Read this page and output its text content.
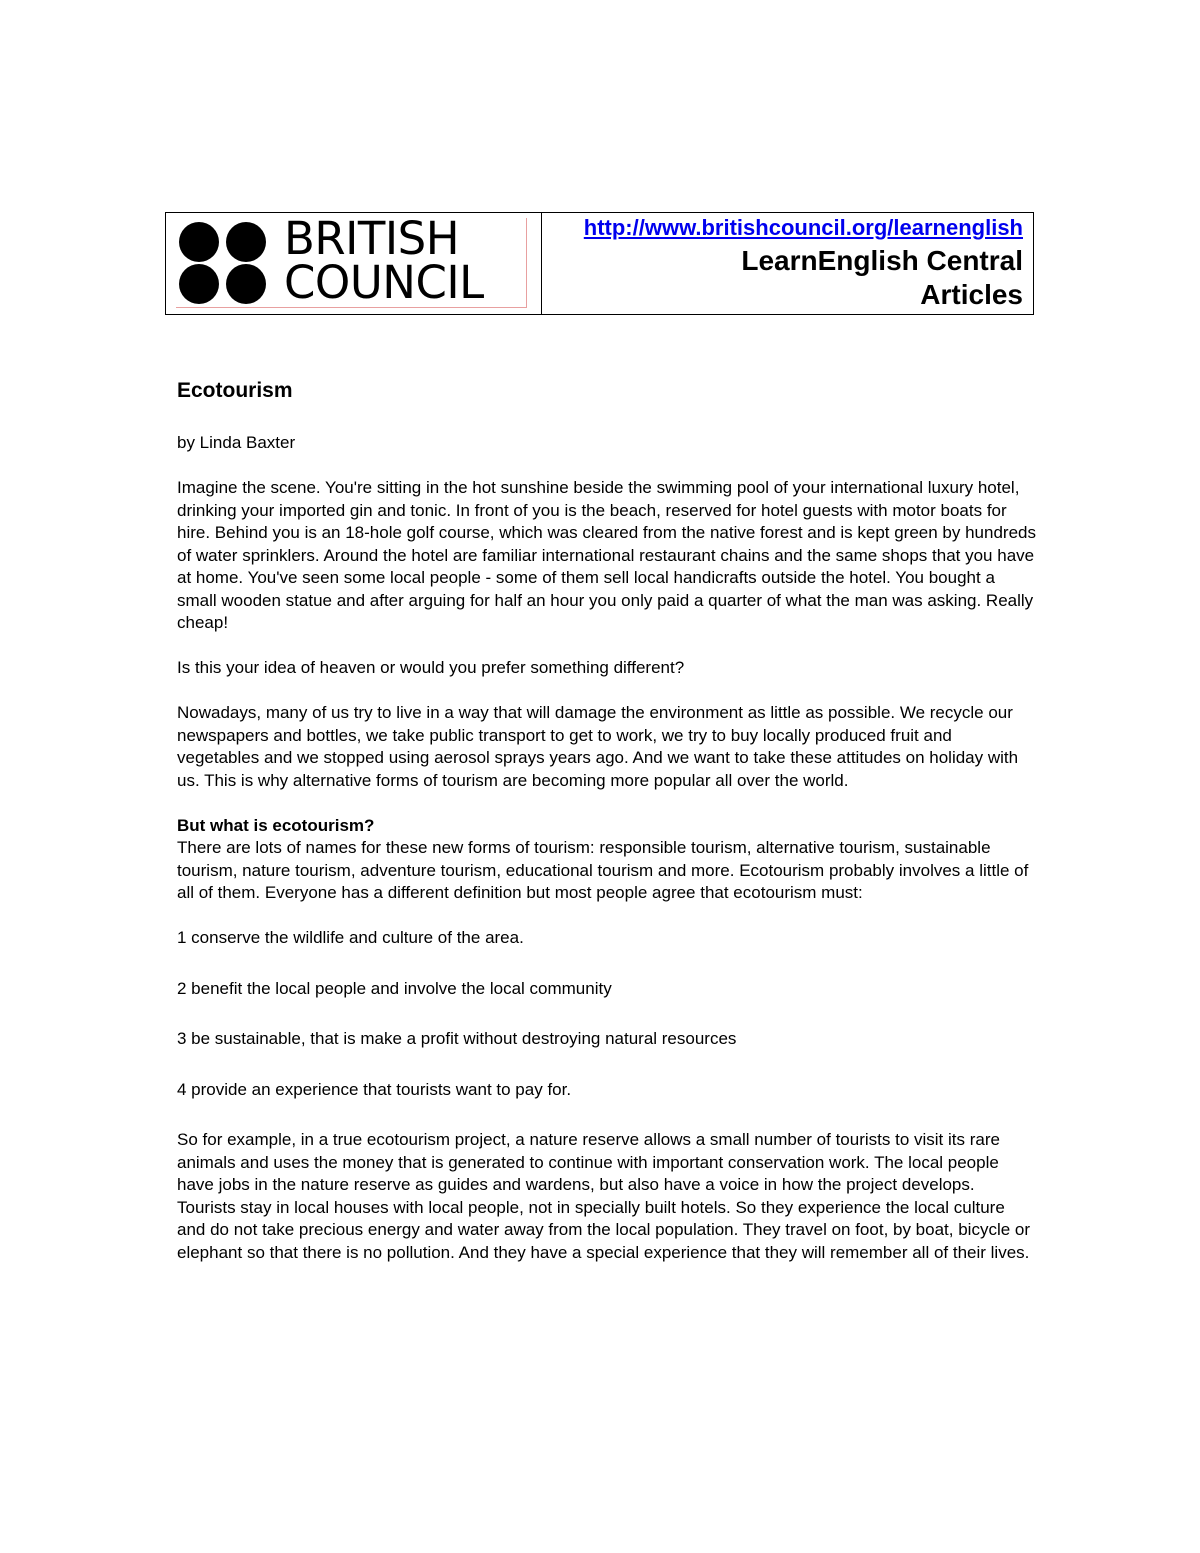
BRITISH
COUNCIL
http://www.britishcouncil.org/learnenglish
LearnEnglish Central
Articles
Ecotourism

by Linda Baxter

Imagine the scene. You're sitting in the hot sunshine beside the swimming pool of your international luxury hotel, drinking your imported gin and tonic. In front of you is the beach, reserved for hotel guests with motor boats for hire. Behind you is an 18-hole golf course, which was cleared from the native forest and is kept green by hundreds of water sprinklers. Around the hotel are familiar international restaurant chains and the same shops that you have at home. You've seen some local people - some of them sell local handicrafts outside the hotel. You bought a small wooden statue and after arguing for half an hour you only paid a quarter of what the man was asking. Really cheap!

Is this your idea of heaven or would you prefer something different?

Nowadays, many of us try to live in a way that will damage the environment as little as possible. We recycle our newspapers and bottles, we take public transport to get to work, we try to buy locally produced fruit and vegetables and we stopped using aerosol sprays years ago. And we want to take these attitudes on holiday with us. This is why alternative forms of tourism are becoming more popular all over the world.

But what is ecotourism?

There are lots of names for these new forms of tourism: responsible tourism, alternative tourism, sustainable tourism, nature tourism, adventure tourism, educational tourism and more. Ecotourism probably involves a little of all of them. Everyone has a different definition but most people agree that ecotourism must:

1 conserve the wildlife and culture of the area.
2 benefit the local people and involve the local community
3 be sustainable, that is make a profit without destroying natural resources
4 provide an experience that tourists want to pay for.

So for example, in a true ecotourism project, a nature reserve allows a small number of tourists to visit its rare animals and uses the money that is generated to continue with important conservation work. The local people have jobs in the nature reserve as guides and wardens, but also have a voice in how the project develops. Tourists stay in local houses with local people, not in specially built hotels. So they experience the local culture and do not take precious energy and water away from the local population. They travel on foot, by boat, bicycle or elephant so that there is no pollution. And they have a special experience that they will remember all of their lives.
